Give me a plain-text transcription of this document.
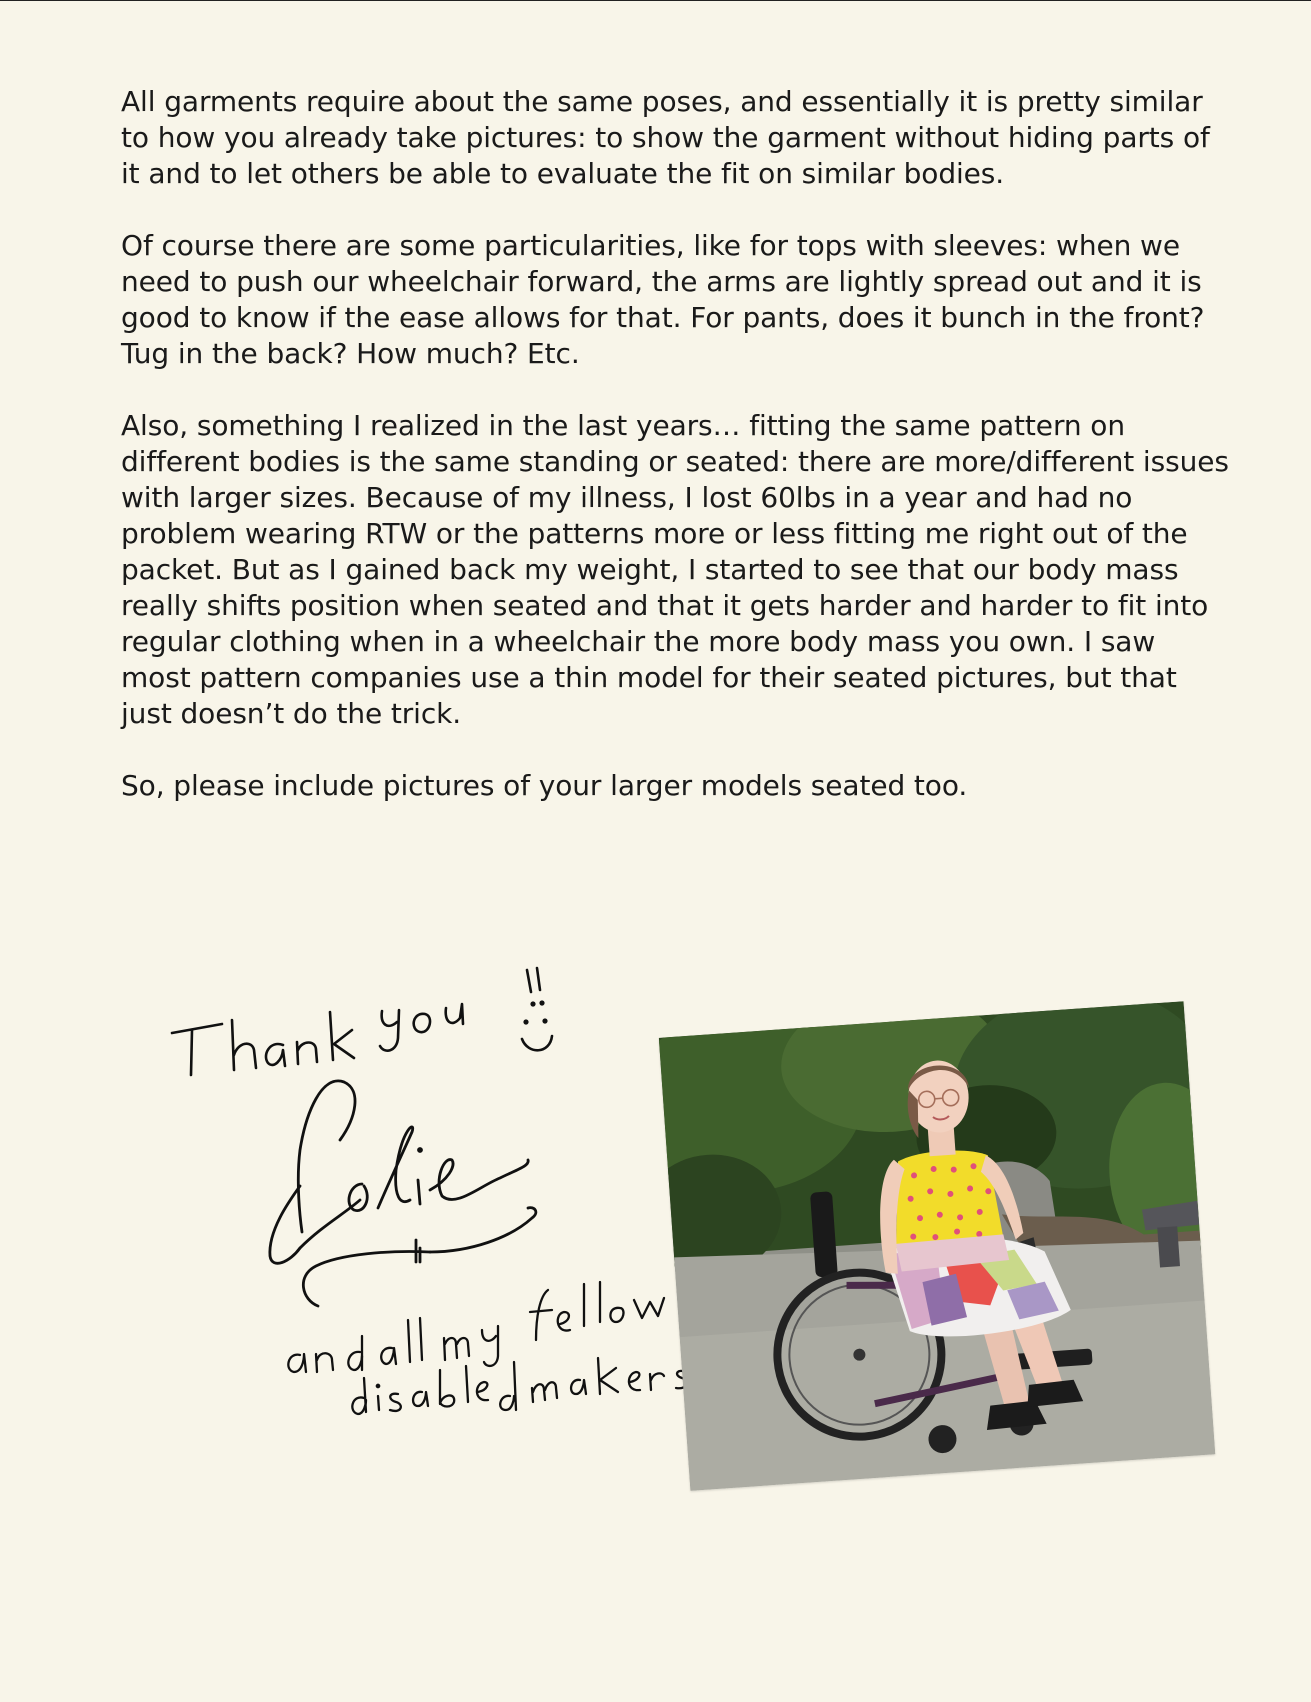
All garments require about the same poses, and essentially it is pretty similar to how you already take pictures: to show the garment without hiding parts of it and to let others be able to evaluate the fit on similar bodies.

Of course there are some particularities, like for tops with sleeves: when we need to push our wheelchair forward, the arms are lightly spread out and it is good to know if the ease allows for that. For pants, does it bunch in the front? Tug in the back? How much? Etc.

Also, something I realized in the last years… fitting the same pattern on different bodies is the same standing or seated: there are more/different issues with larger sizes. Because of my illness, I lost 60lbs in a year and had no problem wearing RTW or the patterns more or less fitting me right out of the packet. But as I gained back my weight, I started to see that our body mass really shifts position when seated and that it gets harder and harder to fit into regular clothing when in a wheelchair the more body mass you own. I saw most pattern companies use a thin model for their seated pictures, but that just doesn’t do the trick.

So, please include pictures of your larger models seated too.
